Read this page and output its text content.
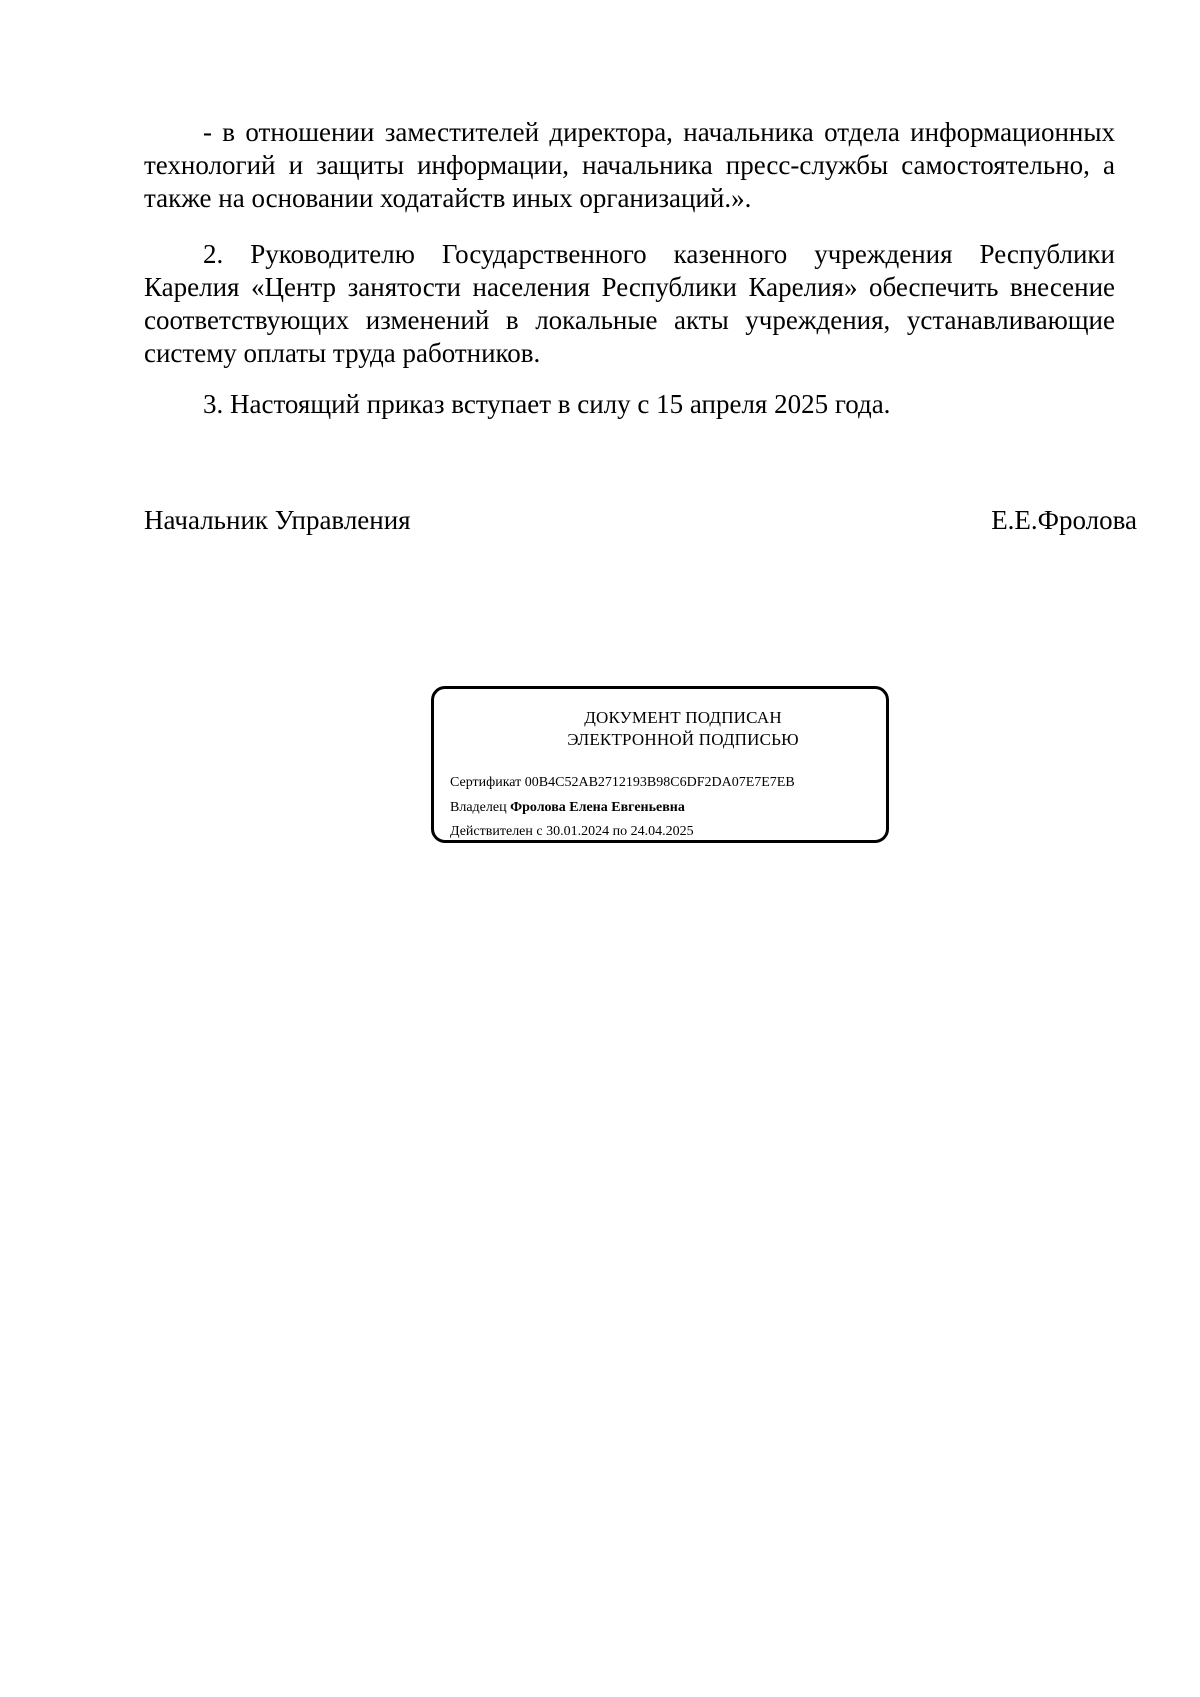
- в отношении заместителей директора, начальника отдела информационных технологий и защиты информации, начальника пресс-службы самостоятельно, а также на основании ходатайств иных организаций.».

2. Руководителю Государственного казенного учреждения Республики Карелия «Центр занятости населения Республики Карелия» обеспечить внесение соответствующих изменений в локальные акты учреждения, устанавливающие систему оплаты труда работников.

3. Настоящий приказ вступает в силу с 15 апреля 2025 года.

Начальник Управления	Е.Е.Фролова
ДОКУМЕНТ ПОДПИСАН
ЭЛЕКТРОННОЙ ПОДПИСЬЮ
Сертификат 00B4C52AB2712193B98C6DF2DA07E7E7EB
Владелец Фролова Елена Евгеньевна
Действителен с 30.01.2024 по 24.04.2025
